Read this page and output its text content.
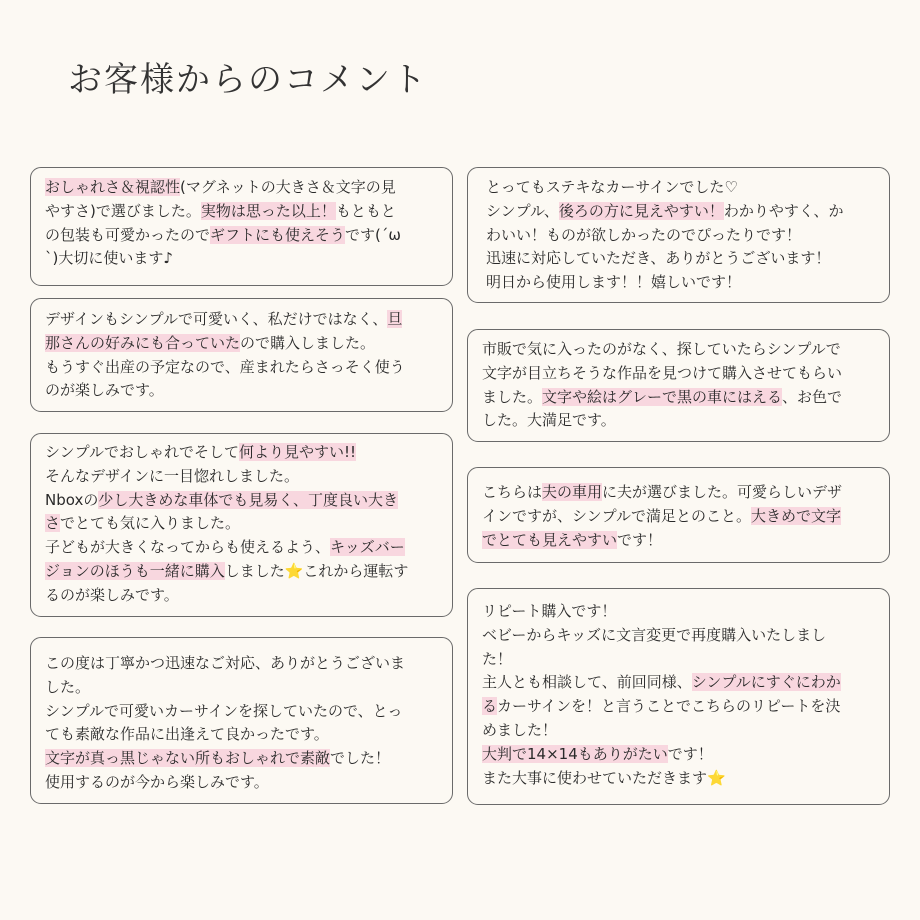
お客様からのコメント

おしゃれさ＆視認性(マグネットの大きさ＆文字の見

やすさ)で選びました。実物は思った以上！もともと

の包装も可愛かったのでギフトにも使えそうです(´ω

`)大切に使います♪

デザインもシンプルで可愛いく、私だけではなく、旦

那さんの好みにも合っていたので購入しました。

もうすぐ出産の予定なので、産まれたらさっそく使う

のが楽しみです。

シンプルでおしゃれでそして何より見やすい!!

そんなデザインに一目惚れしました。

Nboxの少し大きめな車体でも見易く、丁度良い大き

さでとても気に入りました。

子どもが大きくなってからも使えるよう、キッズバー

ジョンのほうも一緒に購入しました⭐️これから運転す

るのが楽しみです。

この度は丁寧かつ迅速なご対応、ありがとうございま

した。

シンプルで可愛いカーサインを探していたので、とっ

ても素敵な作品に出逢えて良かったです。

文字が真っ黒じゃない所もおしゃれで素敵でした！

使用するのが今から楽しみです。

とってもステキなカーサインでした♡

シンプル、後ろの方に見えやすい！わかりやすく、か

わいい！ものが欲しかったのでぴったりです！

迅速に対応していただき、ありがとうございます！

明日から使用します！！嬉しいです！

市販で気に入ったのがなく、探していたらシンプルで

文字が目立ちそうな作品を見つけて購入させてもらい

ました。文字や絵はグレーで黒の車にはえる、お色で

した。大満足です。

こちらは夫の車用に夫が選びました。可愛らしいデザ

インですが、シンプルで満足とのこと。大きめで文字

でとても見えやすいです！

リピート購入です！

ベビーからキッズに文言変更で再度購入いたしまし

た！

主人とも相談して、前回同様、シンプルにすぐにわか

るカーサインを！と言うことでこちらのリピートを決

めました！

大判で14×14もありがたいです！

また大事に使わせていただきます⭐️
